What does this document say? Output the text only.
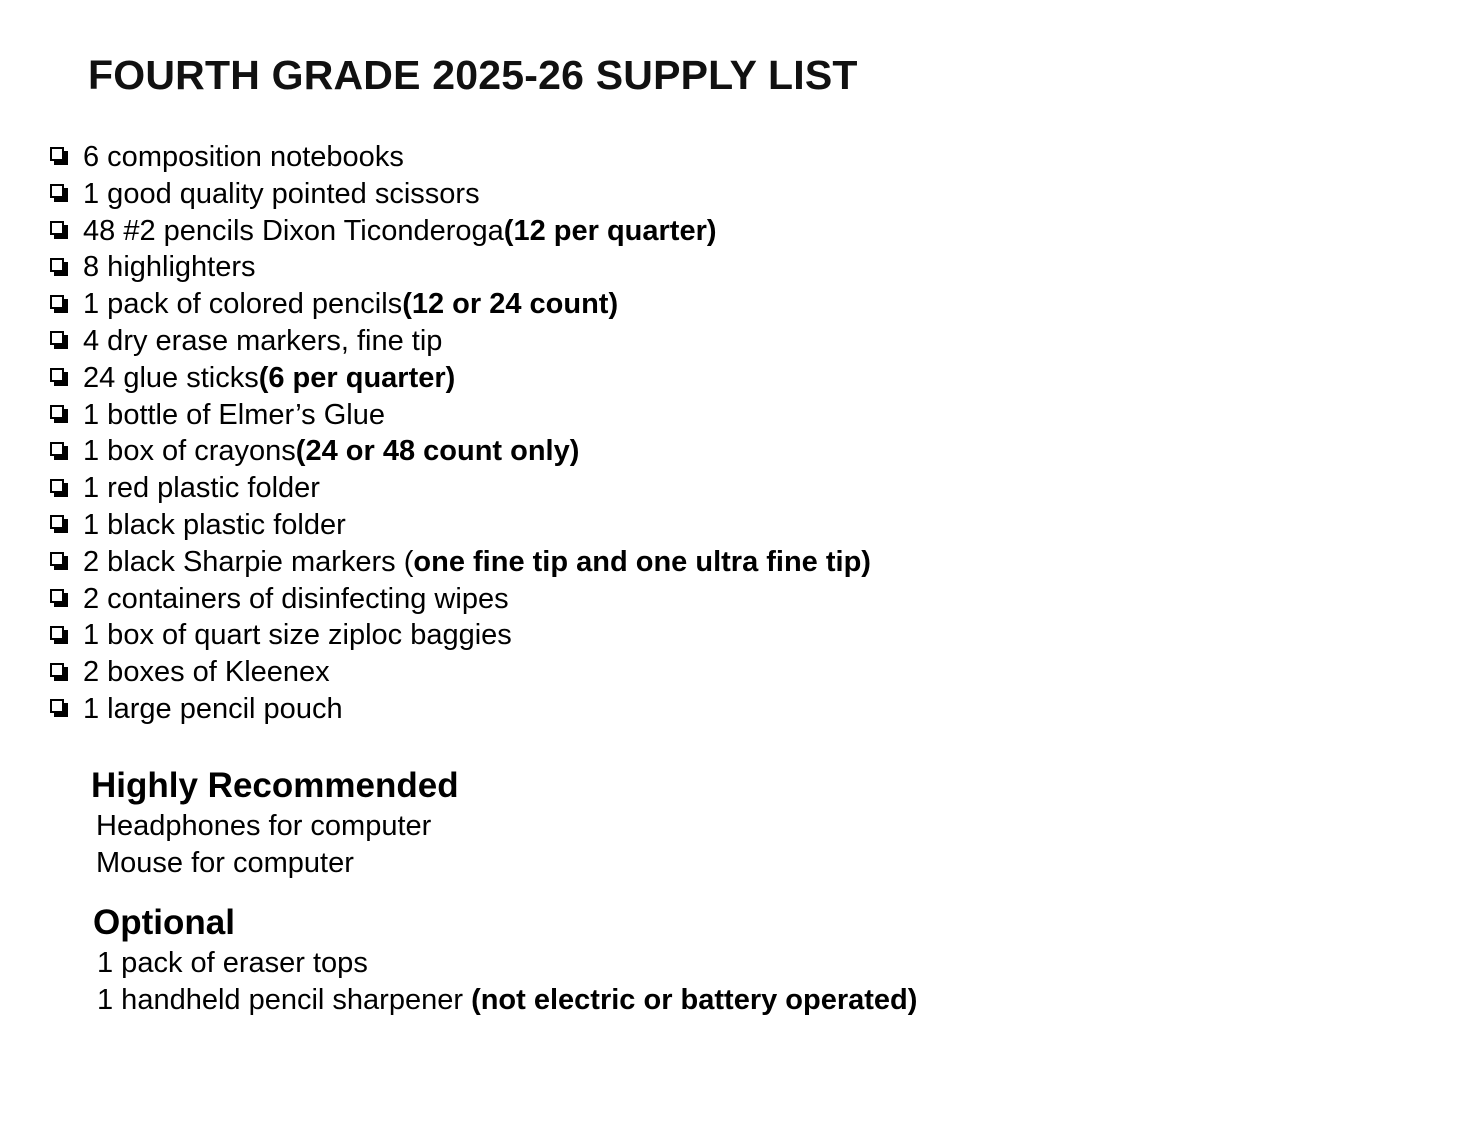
FOURTH GRADE 2025-26 SUPPLY LIST
6 composition notebooks
1 good quality pointed scissors
48 #2 pencils Dixon Ticonderoga (12 per quarter)
8 highlighters
1 pack of colored pencils (12 or 24 count)
4 dry erase markers, fine tip
24 glue sticks (6 per quarter)
1 bottle of Elmer’s Glue
1 box of crayons (24 or 48 count only)
1 red plastic folder
1 black plastic folder
2 black Sharpie markers ( one fine tip and one ultra fine tip)
2 containers of disinfecting wipes
1 box of quart size ziploc baggies
2 boxes of Kleenex
1 large pencil pouch
Highly Recommended
Headphones for computer
Mouse for computer
Optional
1 pack of eraser tops
1 handheld pencil sharpener (not electric or battery operated)
